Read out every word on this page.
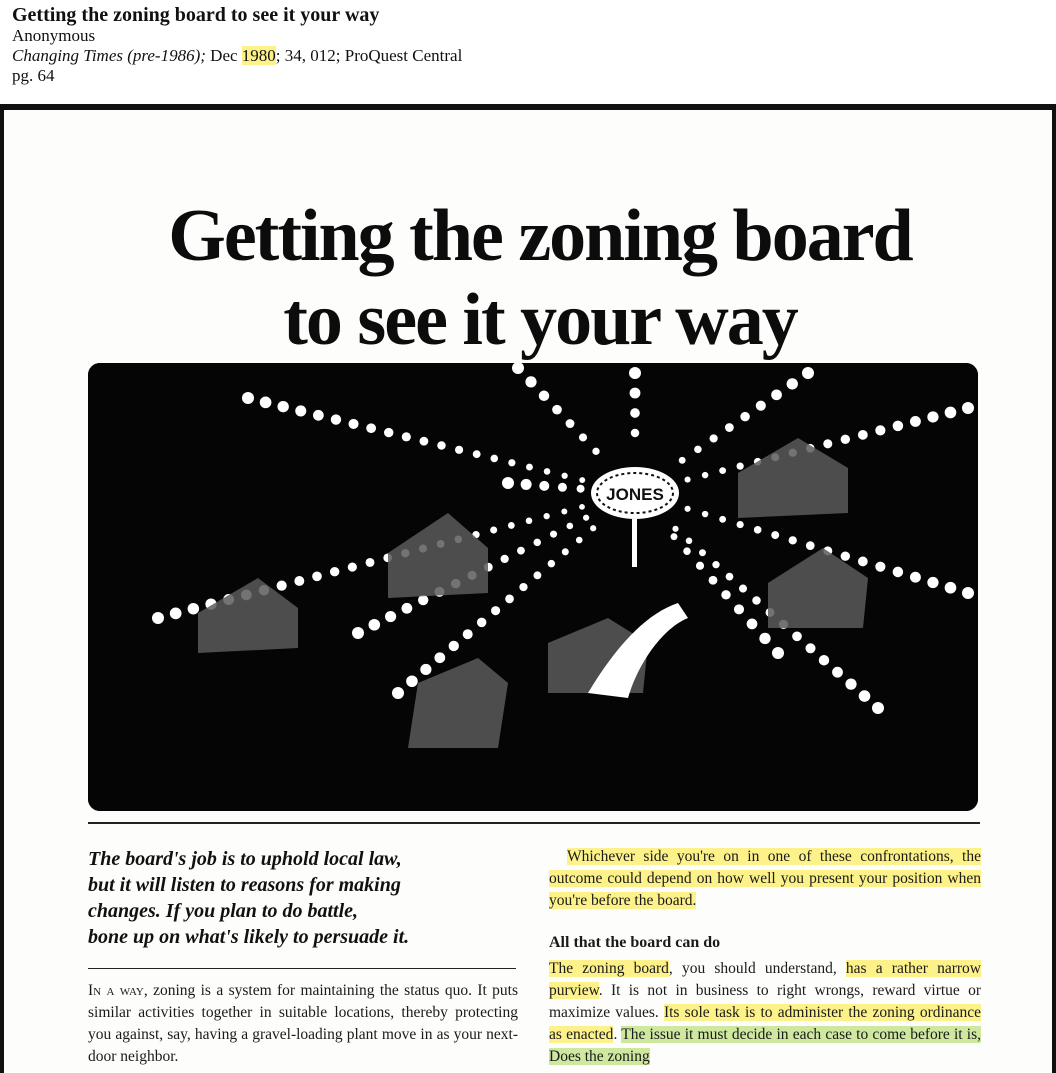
Getting the zoning board to see it your way
Anonymous
Changing Times (pre-1986); Dec 1980; 34, 012; ProQuest Central
pg. 64
Getting the zoning board
to see it your way
JONES
The board's job is to uphold local law,
but it will listen to reasons for making
changes. If you plan to do battle,
bone up on what's likely to persuade it.
In a way, zoning is a system for maintaining the status quo. It puts similar activities together in suitable locations, thereby protecting you against, say, having a gravel-loading plant move in as your next-door neighbor.

Whichever side you're on in one of these confrontations, the outcome could depend on how well you present your position when you're before the board.

All that the board can do

The zoning board, you should understand, has a rather narrow purview. It is not in business to right wrongs, reward virtue or maximize values. Its sole task is to administer the zoning ordinance as enacted. The issue it must decide in each case to come before it is, Does the zoning
